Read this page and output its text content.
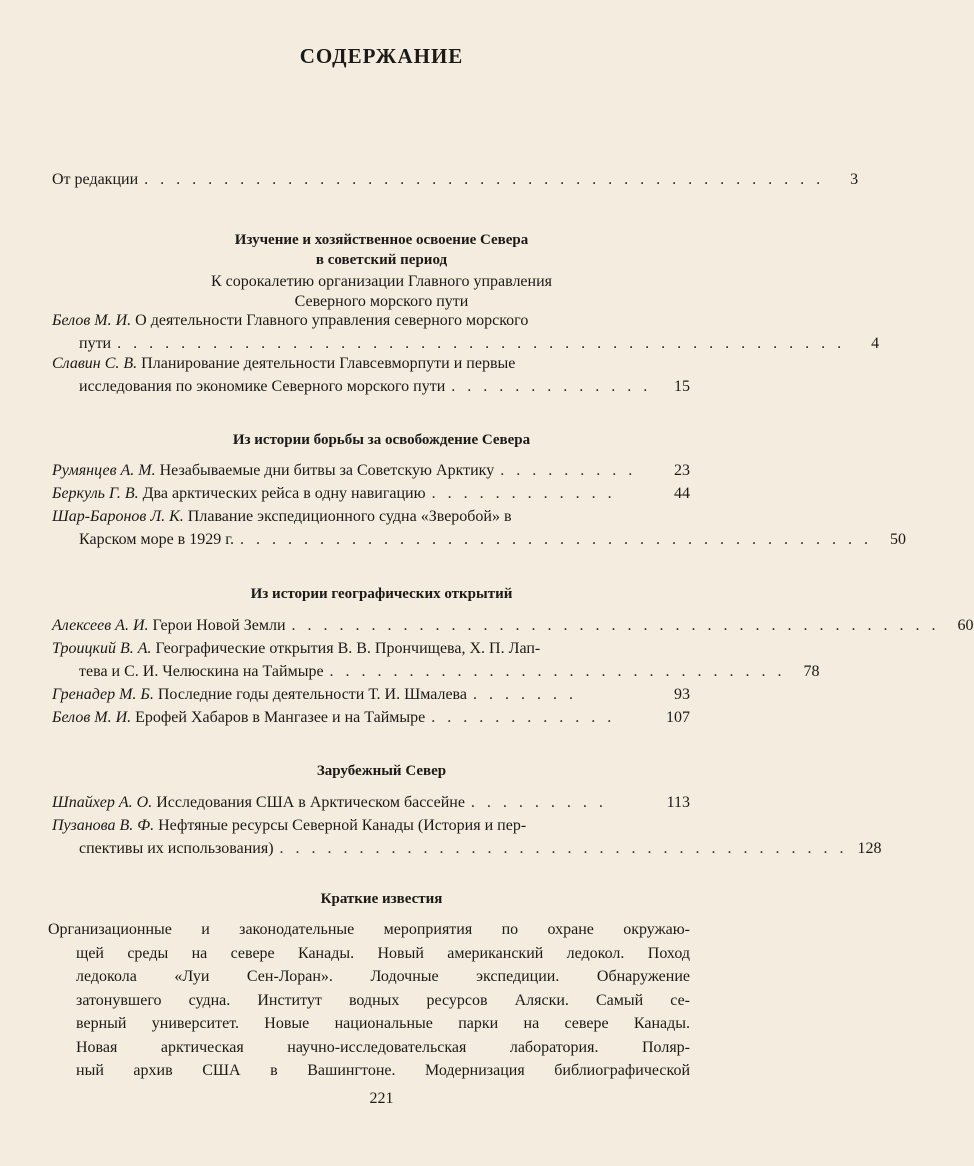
СОДЕРЖАНИЕ
От редакции . . . . . . . . . . . . . . . . . . . . . . . . . . . . . . . . . . . . . . . . . . .	3
Изучение и хозяйственное освоение Севера
в советский период
К сорокалетию организации Главного управления
Северного морского пути
Белов М. И. О деятельности Главного управления северного морского
пути . . . . . . . . . . . . . . . . . . . . . . . . . . . . . . . . . . . . . . . . . . . . . .	4
Славин С. В. Планирование деятельности Главсевморпути и первые
исследования по экономике Северного морского пути . . . . . . . . . . . . .	15
Из истории борьбы за освобождение Севера
Румянцев А. М. Незабываемые дни битвы за Советскую Арктику . . . . . . . . .	23
Беркуль Г. В. Два арктических рейса в одну навигацию . . . . . . . . . . . .	44
Шар-Баронов Л. К. Плавание экспедиционного судна «Зверобой» в
Карском море в 1929 г. . . . . . . . . . . . . . . . . . . . . . . . . . . . . . . . . . . . . . . . .	50
Из истории географических открытий
Алексеев А. И. Герои Новой Земли . . . . . . . . . . . . . . . . . . . . . . . . . . . . . . . . . . . . . . . . .	60
Троицкий В. А. Географические открытия В. В. Прончищева, Х. П. Лап-
тева и С. И. Челюскина на Таймыре . . . . . . . . . . . . . . . . . . . . . . . . . . . . .	78
Гренадер М. Б. Последние годы деятельности Т. И. Шмалева . . . . . . .	93
Белов М. И. Ерофей Хабаров в Мангазее и на Таймыре . . . . . . . . . . . .	107
Зарубежный Север
Шпайхер А. О. Исследования США в Арктическом бассейне . . . . . . . . .	113
Пузанова В. Ф. Нефтяные ресурсы Северной Канады (История и пер-
спективы их использования) . . . . . . . . . . . . . . . . . . . . . . . . . . . . . . . . . . . . 128
Краткие известия
Организационные и законодательные мероприятия по охране окружаю-
щей среды на севере Канады. Новый американский ледокол. Поход
ледокола «Луи Сен-Лоран». Лодочные экспедиции. Обнаружение
затонувшего судна. Институт водных ресурсов Аляски. Самый се-
верный университет. Новые национальные парки на севере Канады.
Новая арктическая научно-исследовательская лаборатория. Поляр-
ный архив США в Вашингтоне. Модернизация библиографической
221
